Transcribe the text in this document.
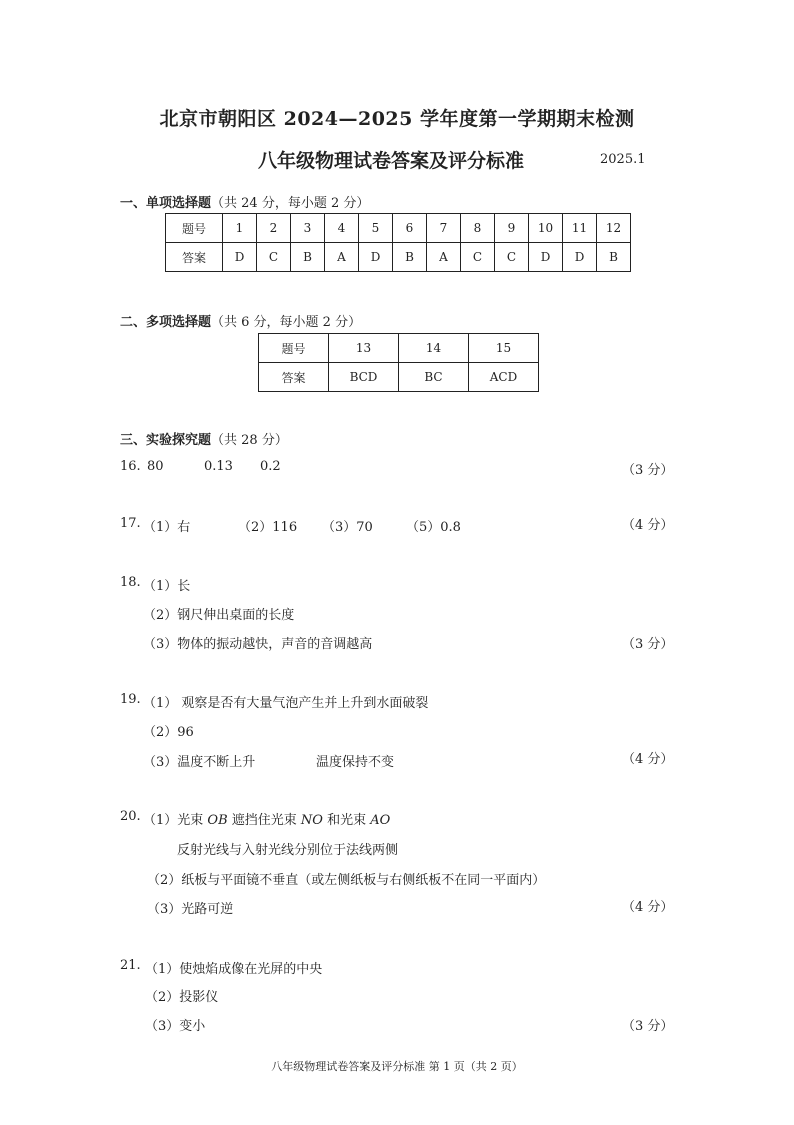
北京市朝阳区 2024—2025 学年度第一学期期末检测
八年级物理试卷答案及评分标准	2025.1
一、单项选择题（共 24 分，每小题 2 分）
题号	1	2	3	4	5	6	7	8	9	10	11	12
答案	D	C	B	A	D	B	A	C	C	D	D	B
二、多项选择题（共 6 分，每小题 2 分）
题号	13	14	15
答案	BCD	BC	ACD
三、实验探究题（共 28 分）
16. 80	0.13 0.2	（3 分）
17. （1）右	（2）116 （3）70	（5）0.8	（4 分）
18. （1）长
（2）钢尺伸出桌面的长度
（3）物体的振动越快，声音的音调越高	（3 分）
19. （1） 观察是否有大量气泡产生并上升到水面破裂
（2）96
（3）温度不断上升	温度保持不变	（4 分）
20. （1）光束 OB 遮挡住光束 NO 和光束 AO
反射光线与入射光线分别位于法线两侧
（2）纸板与平面镜不垂直（或左侧纸板与右侧纸板不在同一平面内）
（3）光路可逆	（4 分）
21. （1）使烛焰成像在光屏的中央
（2）投影仪
（3）变小	（3 分）
八年级物理试卷答案及评分标准 第 1 页（共 2 页）
